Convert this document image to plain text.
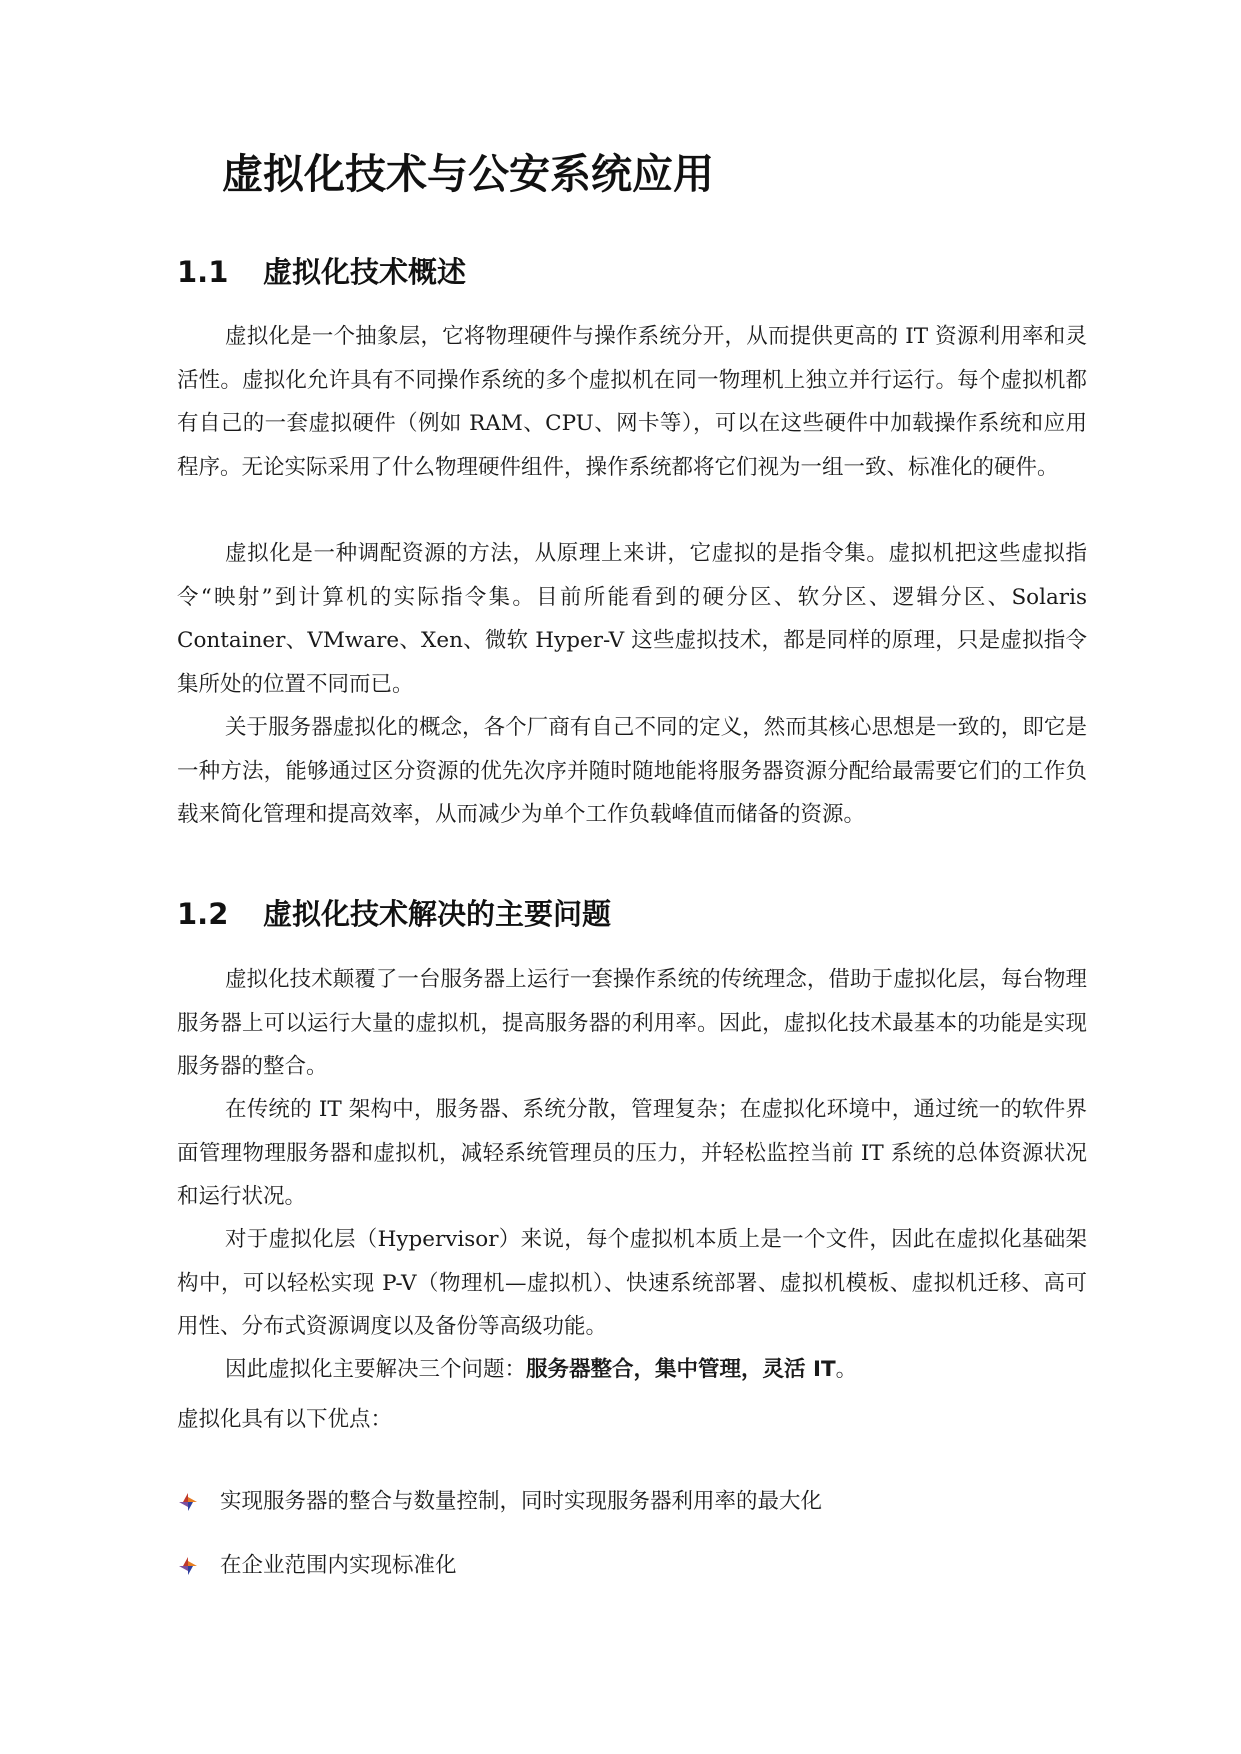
虚拟化技术与公安系统应用
1.1 虚拟化技术概述

虚拟化是一个抽象层，它将物理硬件与操作系统分开，从而提供更高的 IT 资源利用率和灵活性。虚拟化允许具有不同操作系统的多个虚拟机在同一物理机上独立并行运行。每个虚拟机都有自己的一套虚拟硬件（例如 RAM、CPU、网卡等），可以在这些硬件中加载操作系统和应用程序。无论实际采用了什么物理硬件组件，操作系统都将它们视为一组一致、标准化的硬件。

虚拟化是一种调配资源的方法，从原理上来讲，它虚拟的是指令集。虚拟机把这些虚拟指令“映射”到计算机的实际指令集。目前所能看到的硬分区、软分区、逻辑分区、Solaris Container、VMware、Xen、微软 Hyper-V 这些虚拟技术，都是同样的原理，只是虚拟指令集所处的位置不同而已。

关于服务器虚拟化的概念，各个厂商有自己不同的定义，然而其核心思想是一致的，即它是一种方法，能够通过区分资源的优先次序并随时随地能将服务器资源分配给最需要它们的工作负载来简化管理和提高效率，从而减少为单个工作负载峰值而储备的资源。

1.2 虚拟化技术解决的主要问题

虚拟化技术颠覆了一台服务器上运行一套操作系统的传统理念，借助于虚拟化层，每台物理服务器上可以运行大量的虚拟机，提高服务器的利用率。因此，虚拟化技术最基本的功能是实现服务器的整合。

在传统的 IT 架构中，服务器、系统分散，管理复杂；在虚拟化环境中，通过统一的软件界面管理物理服务器和虚拟机，减轻系统管理员的压力，并轻松监控当前 IT 系统的总体资源状况和运行状况。

对于虚拟化层（Hypervisor）来说，每个虚拟机本质上是一个文件，因此在虚拟化基础架构中，可以轻松实现 P-V（物理机—虚拟机）、快速系统部署、虚拟机模板、虚拟机迁移、高可用性、分布式资源调度以及备份等高级功能。

因此虚拟化主要解决三个问题：服务器整合，集中管理，灵活 IT。

虚拟化具有以下优点：

实现服务器的整合与数量控制，同时实现服务器利用率的最大化
在企业范围内实现标准化
